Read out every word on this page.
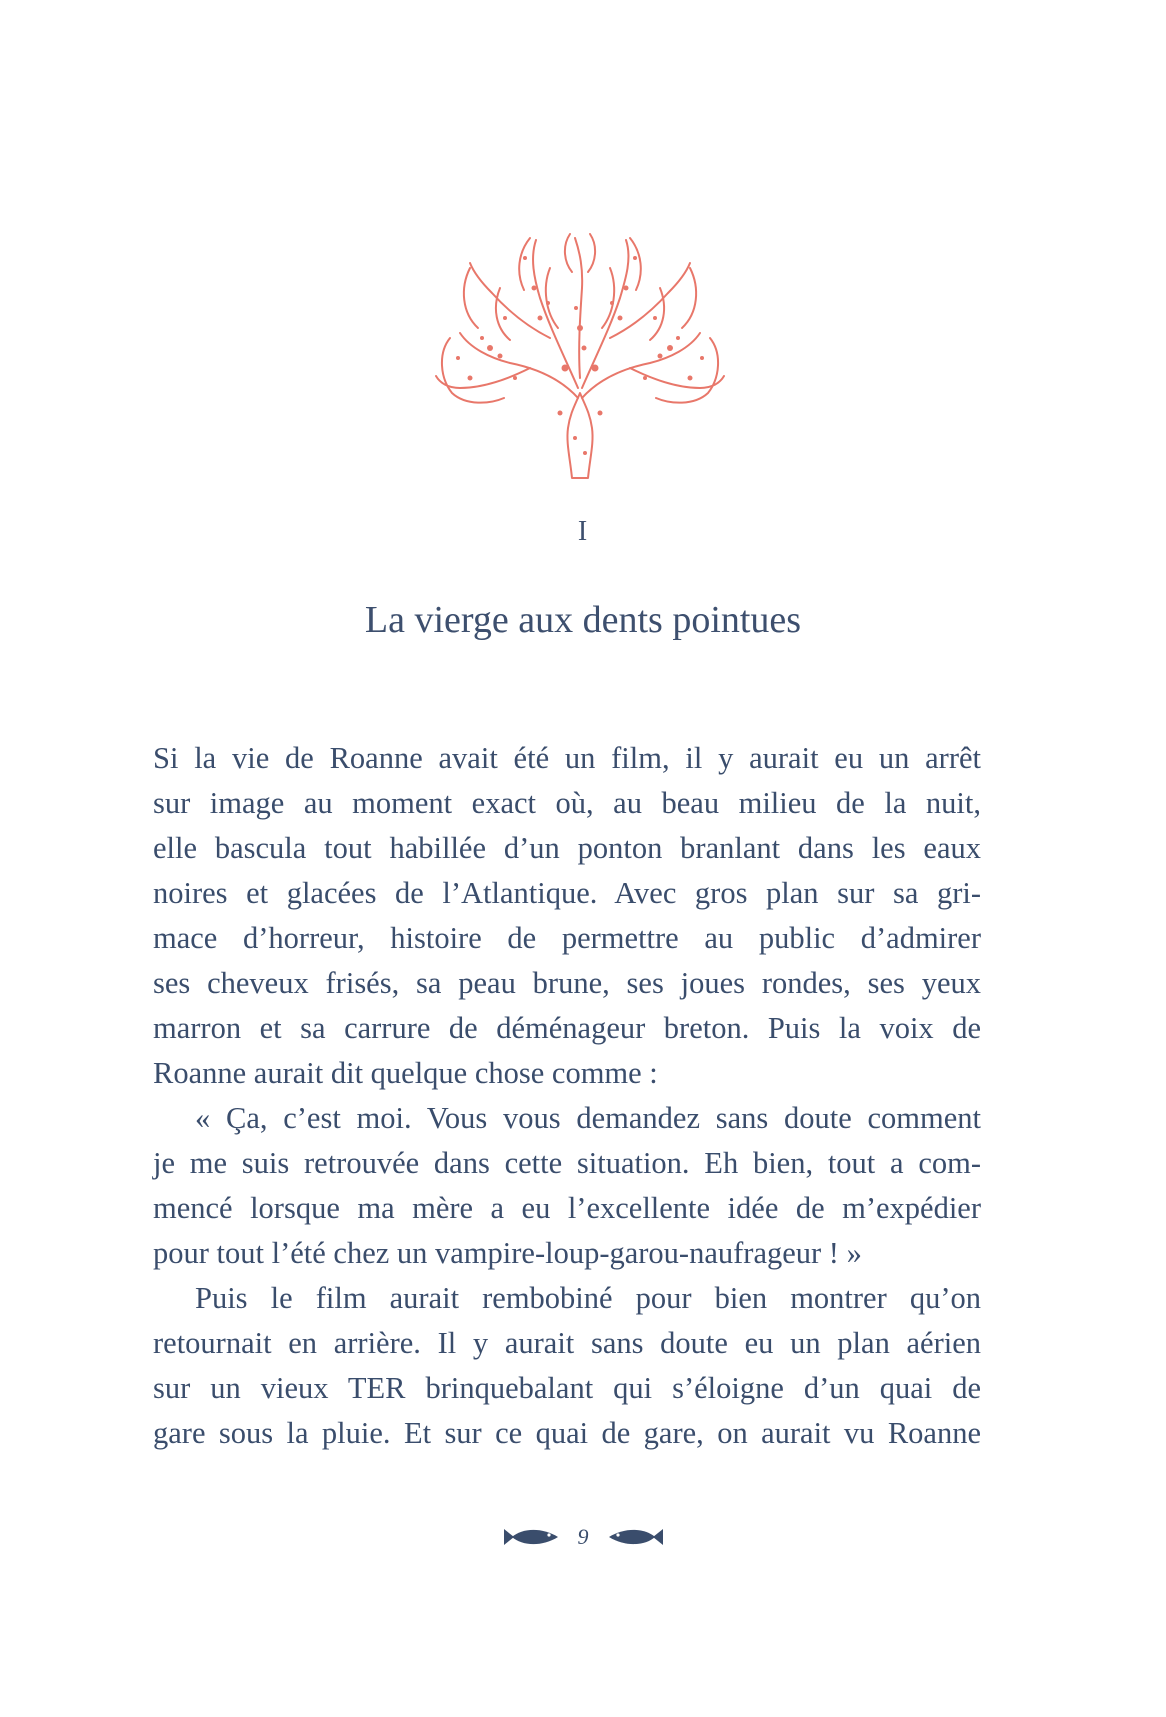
I
La vierge aux dents pointues
Si la vie de Roanne avait été un film, il y aurait eu un arrêt
sur image au moment exact où, au beau milieu de la nuit,
elle bascula tout habillée d’un ponton branlant dans les eaux
noires et glacées de l’Atlantique. Avec gros plan sur sa gri-
mace d’horreur, histoire de permettre au public d’admirer
ses cheveux frisés, sa peau brune, ses joues rondes, ses yeux
marron et sa carrure de déménageur breton. Puis la voix de
Roanne aurait dit quelque chose comme :
« Ça, c’est moi. Vous vous demandez sans doute comment
je me suis retrouvée dans cette situation. Eh bien, tout a com-
mencé lorsque ma mère a eu l’excellente idée de m’expédier
pour tout l’été chez un vampire-loup-garou-naufrageur ! »
Puis le film aurait rembobiné pour bien montrer qu’on
retournait en arrière. Il y aurait sans doute eu un plan aérien
sur un vieux TER brinquebalant qui s’éloigne d’un quai de
gare sous la pluie. Et sur ce quai de gare, on aurait vu Roanne
9
